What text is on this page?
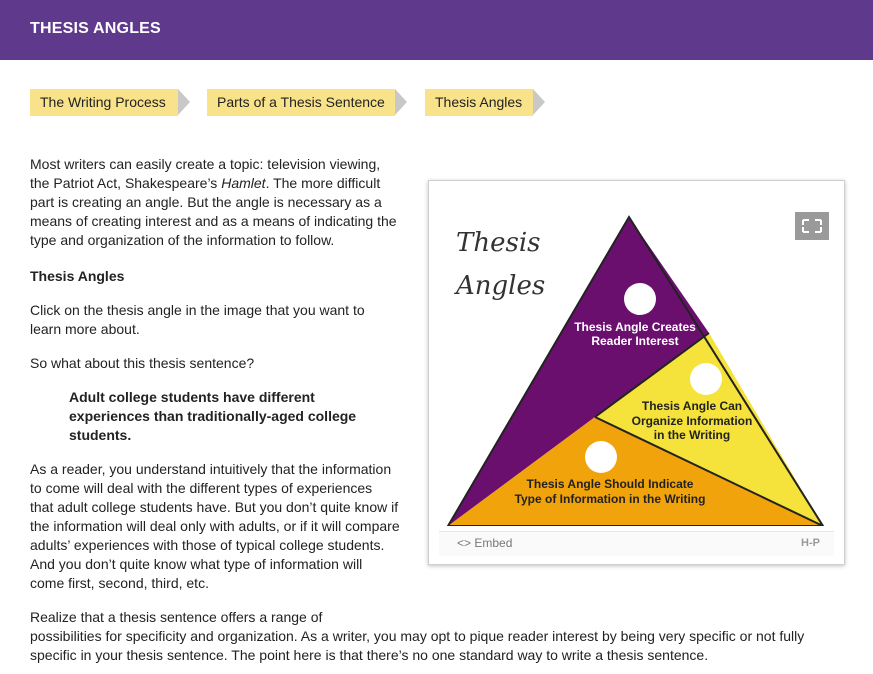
THESIS ANGLES
The Writing Process	Parts of a Thesis Sentence	Thesis Angles
Most writers can easily create a topic: television viewing,
the Patriot Act, Shakespeare’s Hamlet. The more difficult
part is creating an angle. But the angle is necessary as a
means of creating interest and as a means of indicating the
type and organization of the information to follow.
Thesis Angles
Click on the thesis angle in the image that you want to
learn more about.
So what about this thesis sentence?
Adult college students have different
experiences than traditionally-aged college
students.
As a reader, you understand intuitively that the information
to come will deal with the different types of experiences
that adult college students have. But you don’t quite know if
the information will deal only with adults, or if it will compare
adults’ experiences with those of typical college students.
And you don’t quite know what type of information will
come first, second, third, etc.
Realize that a thesis sentence offers a range of
possibilities for specificity and organization. As a writer, you may opt to pique reader interest by being very specific or not fully
specific in your thesis sentence. The point here is that there’s no one standard way to write a thesis sentence.
Thesis
Angles
Thesis Angle Creates
Reader Interest
Thesis Angle Can
Organize Information
in the Writing
Thesis Angle Should Indicate
Type of Information in the Writing
<> Embed	H-P
